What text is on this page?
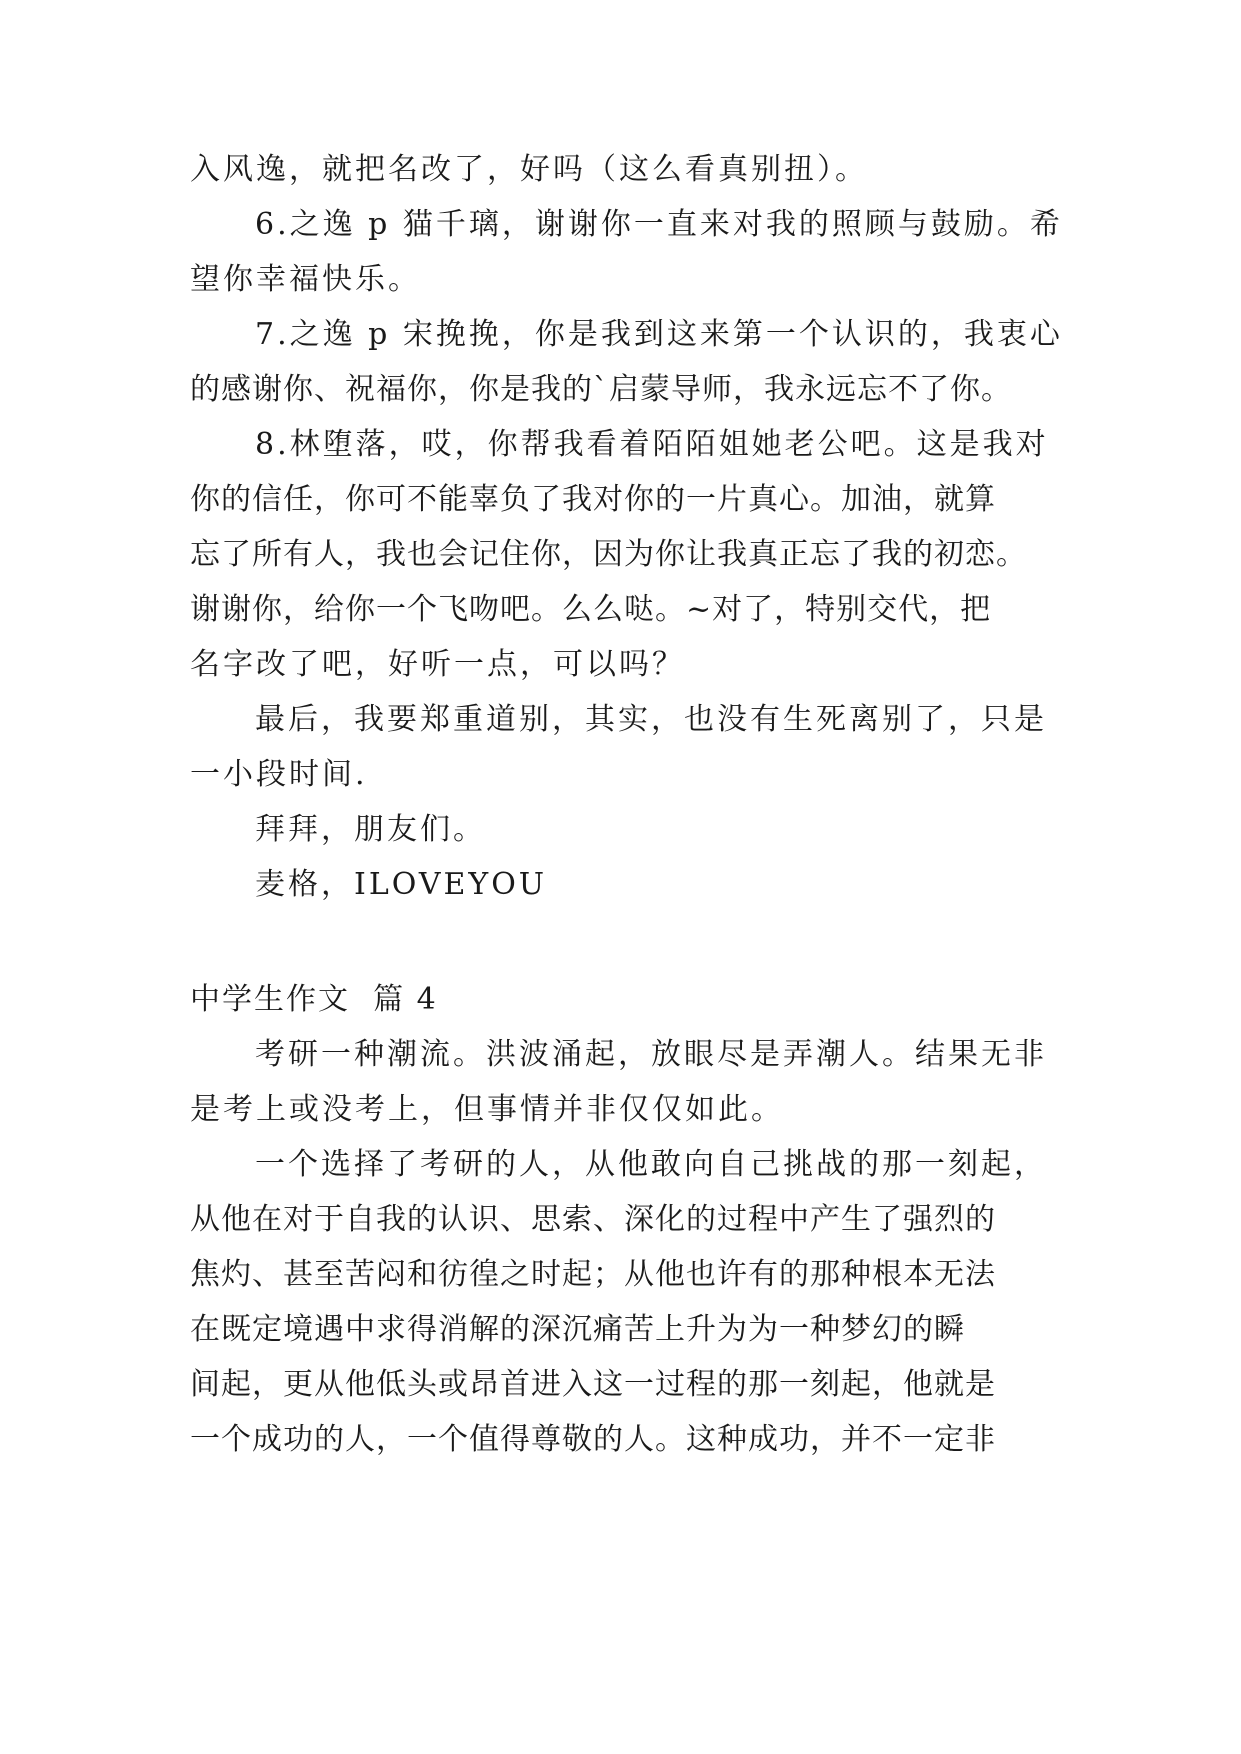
入风逸，就把名改了，好吗（这么看真别扭）。
6.之逸 p 猫千璃，谢谢你一直来对我的照顾与鼓励。希
望你幸福快乐。
7.之逸 p 宋挽挽，你是我到这来第一个认识的，我衷心
的感谢你、祝福你，你是我的`启蒙导师，我永远忘不了你。
8.林堕落，哎，你帮我看着陌陌姐她老公吧。这是我对
你的信任，你可不能辜负了我对你的一片真心。加油，就算
忘了所有人，我也会记住你，因为你让我真正忘了我的初恋。
谢谢你，给你一个飞吻吧。么么哒。~对了，特别交代，把
名字改了吧，好听一点，可以吗？
最后，我要郑重道别，其实，也没有生死离别了，只是
一小段时间.
拜拜，朋友们。
麦格，ILOVEYOU
中学生作文  篇 4
考研一种潮流。洪波涌起，放眼尽是弄潮人。结果无非
是考上或没考上，但事情并非仅仅如此。
一个选择了考研的人，从他敢向自己挑战的那一刻起，
从他在对于自我的认识、思索、深化的过程中产生了强烈的
焦灼、甚至苦闷和彷徨之时起；从他也许有的那种根本无法
在既定境遇中求得消解的深沉痛苦上升为为一种梦幻的瞬
间起，更从他低头或昂首进入这一过程的那一刻起，他就是
一个成功的人，一个值得尊敬的人。这种成功，并不一定非
